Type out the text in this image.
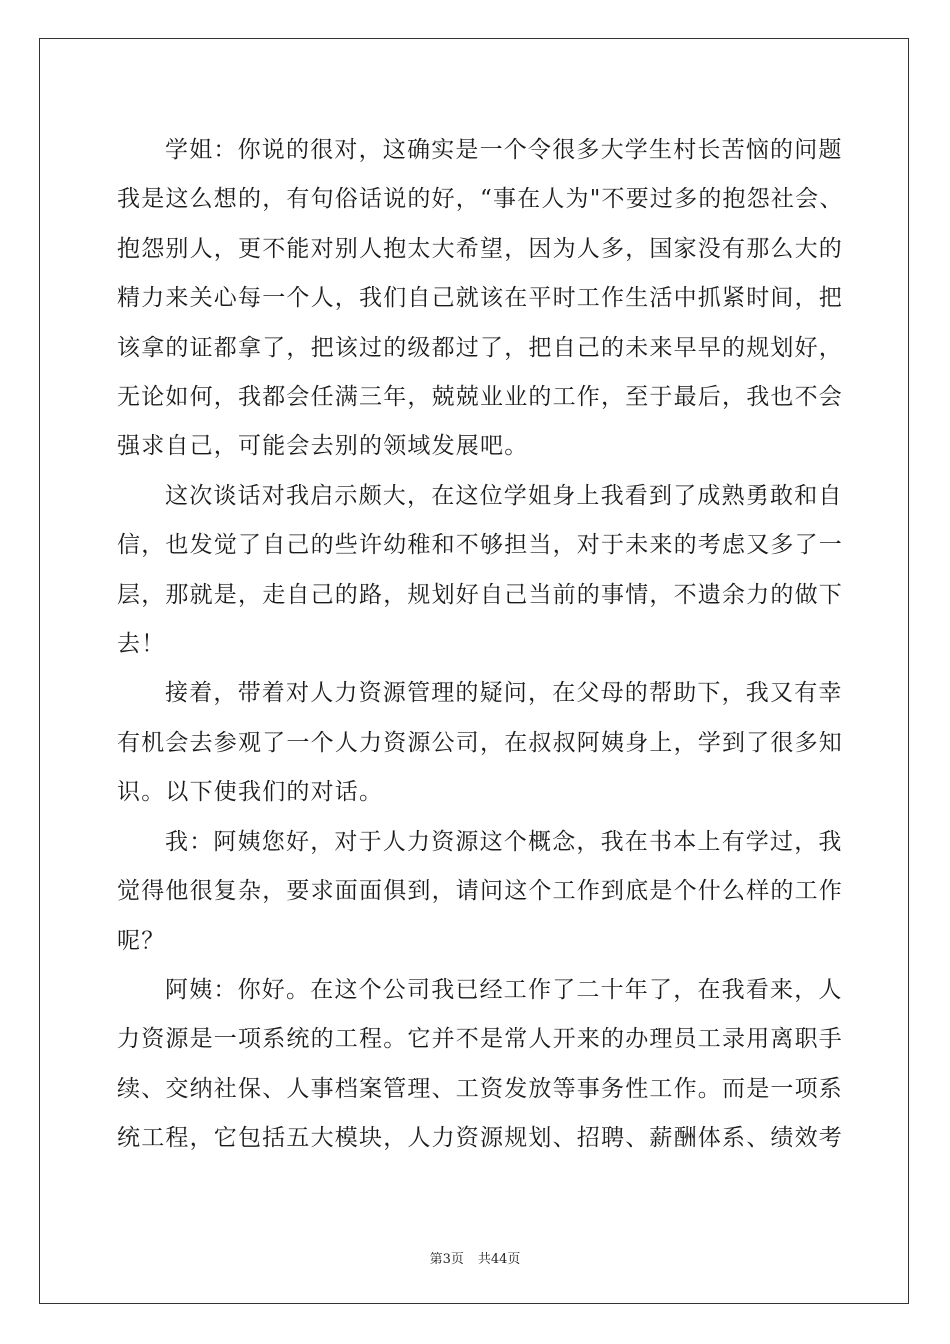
学姐：你说的很对，这确实是一个令很多大学生村长苦恼的问题
我是这么想的，有句俗话说的好，“事在人为"不要过多的抱怨社会、
抱怨别人，更不能对别人抱太大希望，因为人多，国家没有那么大的
精力来关心每一个人，我们自己就该在平时工作生活中抓紧时间，把
该拿的证都拿了，把该过的级都过了，把自己的未来早早的规划好，
无论如何，我都会任满三年，兢兢业业的工作，至于最后，我也不会
强求自己，可能会去别的领域发展吧。

这次谈话对我启示颇大，在这位学姐身上我看到了成熟勇敢和自
信，也发觉了自己的些许幼稚和不够担当，对于未来的考虑又多了一
层，那就是，走自己的路，规划好自己当前的事情，不遗余力的做下
去！

接着，带着对人力资源管理的疑问，在父母的帮助下，我又有幸
有机会去参观了一个人力资源公司，在叔叔阿姨身上，学到了很多知
识。以下使我们的对话。

我：阿姨您好，对于人力资源这个概念，我在书本上有学过，我
觉得他很复杂，要求面面俱到，请问这个工作到底是个什么样的工作
呢？

阿姨：你好。在这个公司我已经工作了二十年了，在我看来，人
力资源是一项系统的工程。它并不是常人开来的办理员工录用离职手
续、交纳社保、人事档案管理、工资发放等事务性工作。而是一项系
统工程，它包括五大模块，人力资源规划、招聘、薪酬体系、绩效考

第3页 共44页
